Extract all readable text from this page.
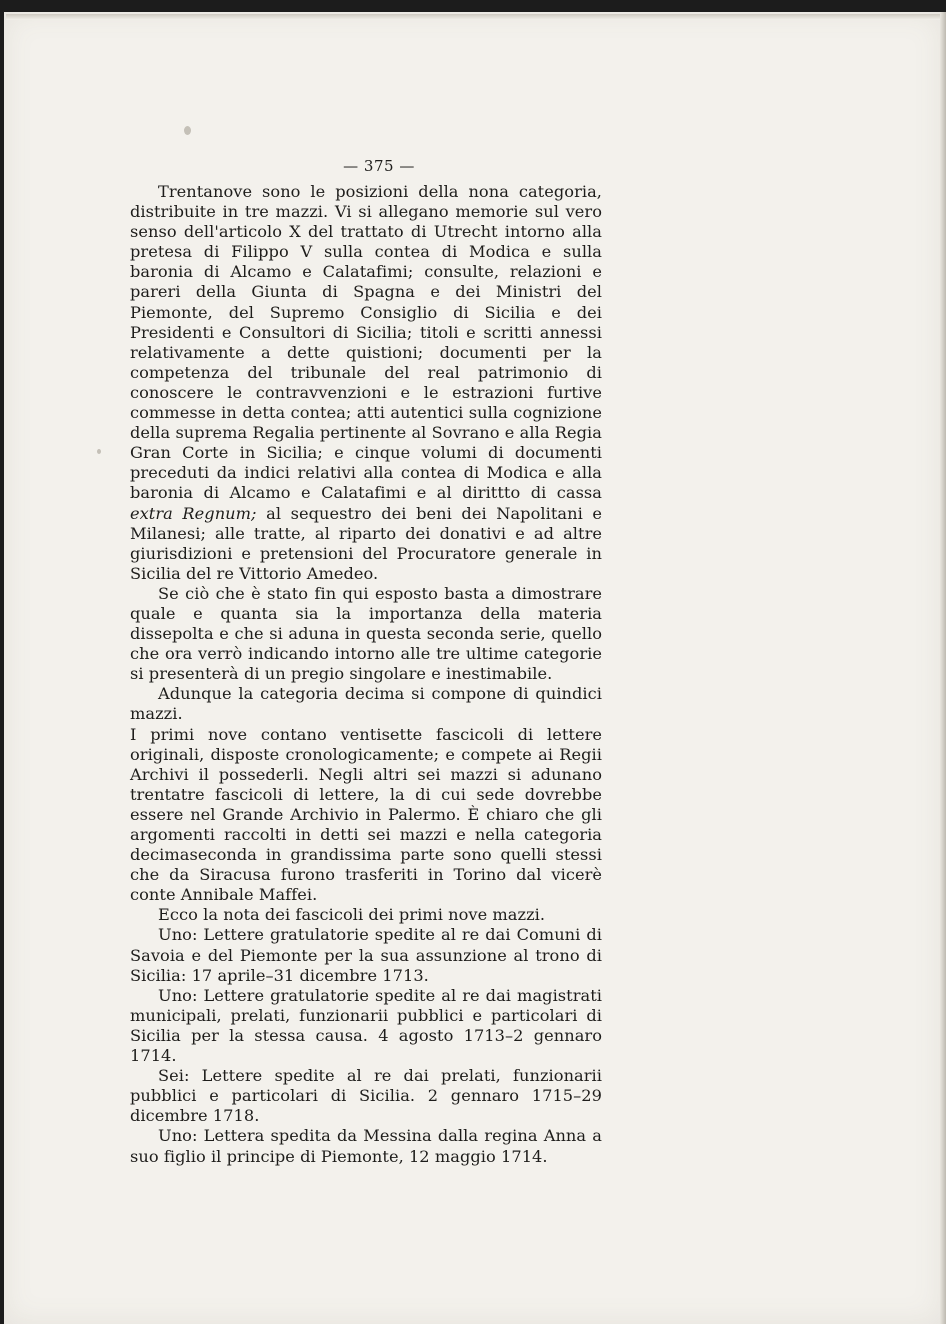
— 375 —

Trentanove sono le posizioni della nona categoria, distribuite in tre mazzi. Vi si allegano memorie sul vero senso dell'articolo X del trattato di Utrecht intorno alla pretesa di Filippo V sulla contea di Modica e sulla baronia di Alcamo e Calatafimi; consulte, relazioni e pareri della Giunta di Spagna e dei Ministri del Piemonte, del Supremo Consiglio di Sicilia e dei Presidenti e Consultori di Sicilia; titoli e scritti annessi relativamente a dette quistioni; documenti per la competenza del tribunale del real patrimonio di conoscere le contravvenzioni e le estrazioni furtive commesse in detta contea; atti autentici sulla cognizione della suprema Regalia pertinente al Sovrano e alla Regia Gran Corte in Sicilia; e cinque volumi di documenti preceduti da indici relativi alla contea di Modica e alla baronia di Alcamo e Calatafimi e al dirittto di cassa extra Regnum; al sequestro dei beni dei Napolitani e Milanesi; alle tratte, al riparto dei donativi e ad altre giurisdizioni e pretensioni del Procuratore generale in Sicilia del re Vittorio Amedeo.

Se ciò che è stato fin qui esposto basta a dimostrare quale e quanta sia la importanza della materia dissepolta e che si aduna in questa seconda serie, quello che ora verrò indicando intorno alle tre ultime categorie si presenterà di un pregio singolare e inestimabile.

Adunque la categoria decima si compone di quindici mazzi.

I primi nove contano ventisette fascicoli di lettere originali, disposte cronologicamente; e compete ai Regii Archivi il possederli. Negli altri sei mazzi si adunano trentatre fascicoli di lettere, la di cui sede dovrebbe essere nel Grande Archivio in Palermo. È chiaro che gli argomenti raccolti in detti sei mazzi e nella categoria decimaseconda in grandissima parte sono quelli stessi che da Siracusa furono trasferiti in Torino dal vicerè conte Annibale Maffei.

Ecco la nota dei fascicoli dei primi nove mazzi.

Uno: Lettere gratulatorie spedite al re dai Comuni di Savoia e del Piemonte per la sua assunzione al trono di Sicilia: 17 aprile–31 dicembre 1713.

Uno: Lettere gratulatorie spedite al re dai magistrati municipali, prelati, funzionarii pubblici e particolari di Sicilia per la stessa causa. 4 agosto 1713–2 gennaro 1714.

Sei: Lettere spedite al re dai prelati, funzionarii pubblici e particolari di Sicilia. 2 gennaro 1715–29 dicembre 1718.

Uno: Lettera spedita da Messina dalla regina Anna a suo figlio il principe di Piemonte, 12 maggio 1714.
